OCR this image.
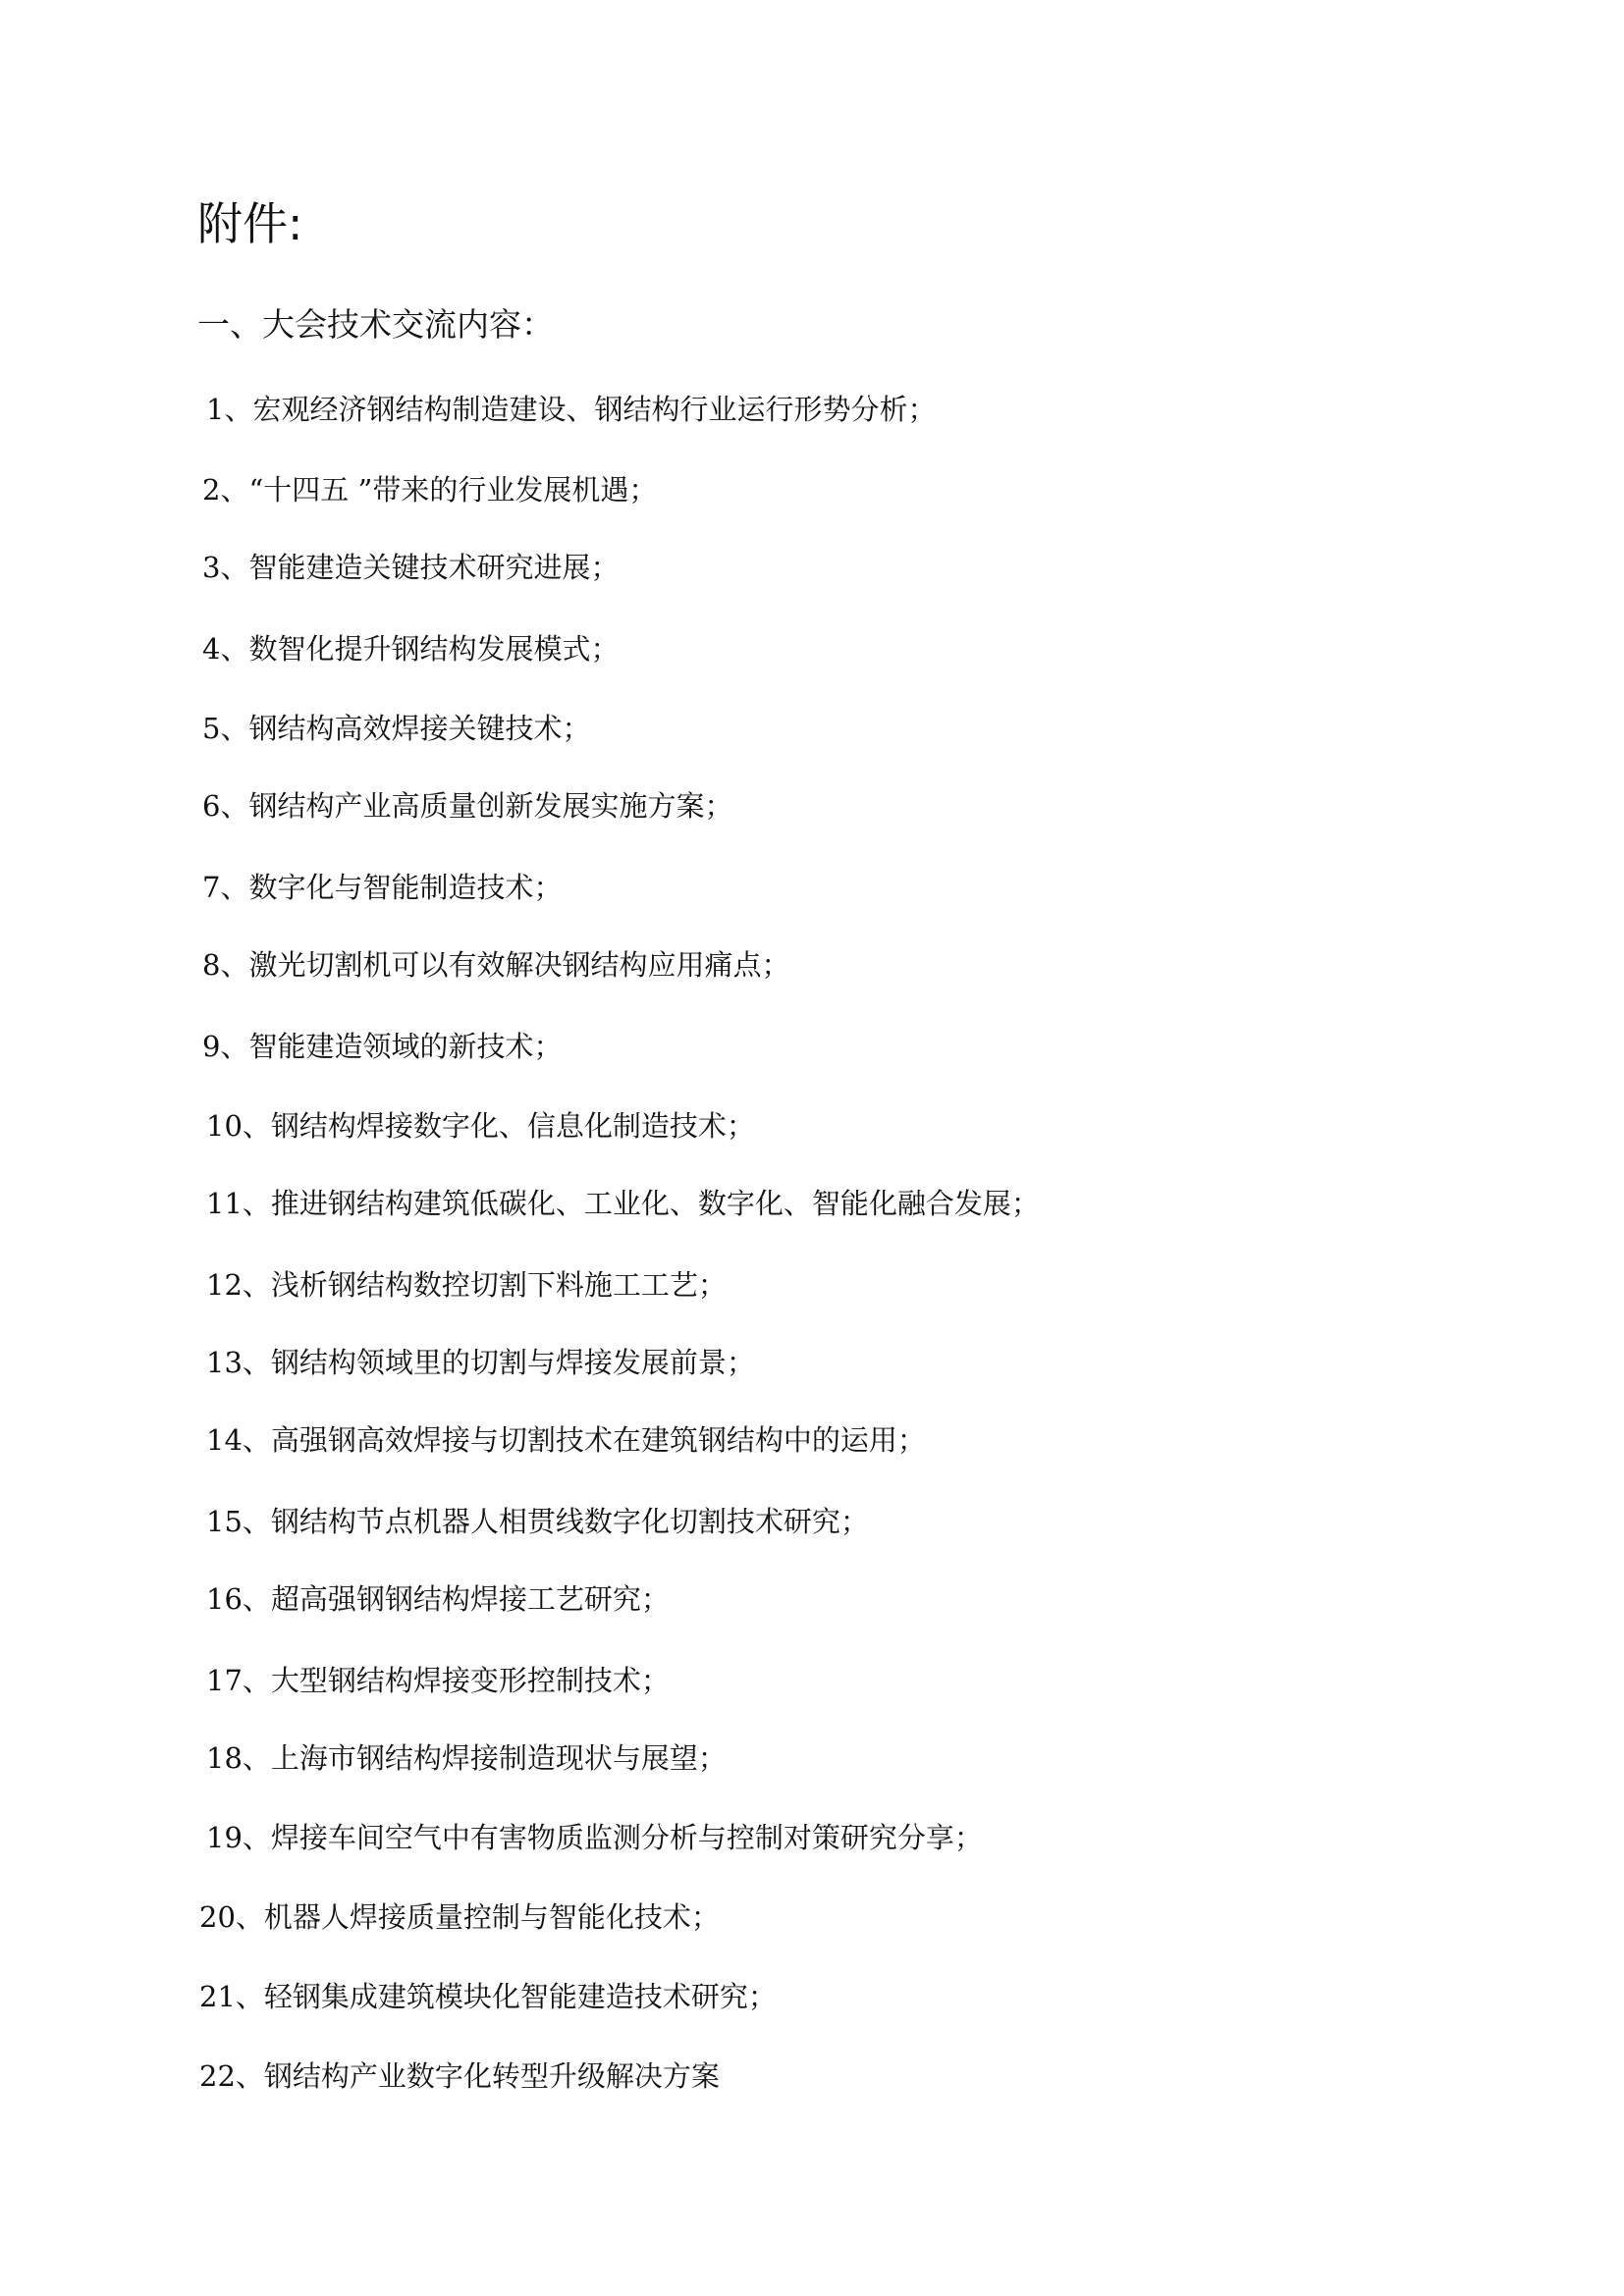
附件:
一、大会技术交流内容：
1、宏观经济钢结构制造建设、钢结构行业运行形势分析；
2、“十四五 ”带来的行业发展机遇；
3、智能建造关键技术研究进展；
4、数智化提升钢结构发展模式；
5、钢结构高效焊接关键技术；
6、钢结构产业高质量创新发展实施方案；
7、数字化与智能制造技术；
8、激光切割机可以有效解决钢结构应用痛点；
9、智能建造领域的新技术；
10、钢结构焊接数字化、信息化制造技术；
11、推进钢结构建筑低碳化、工业化、数字化、智能化融合发展；
12、浅析钢结构数控切割下料施工工艺；
13、钢结构领域里的切割与焊接发展前景；
14、高强钢高效焊接与切割技术在建筑钢结构中的运用；
15、钢结构节点机器人相贯线数字化切割技术研究；
16、超高强钢钢结构焊接工艺研究；
17、大型钢结构焊接变形控制技术；
18、上海市钢结构焊接制造现状与展望；
19、焊接车间空气中有害物质监测分析与控制对策研究分享；
20、机器人焊接质量控制与智能化技术；
21、轻钢集成建筑模块化智能建造技术研究；
22、钢结构产业数字化转型升级解决方案
